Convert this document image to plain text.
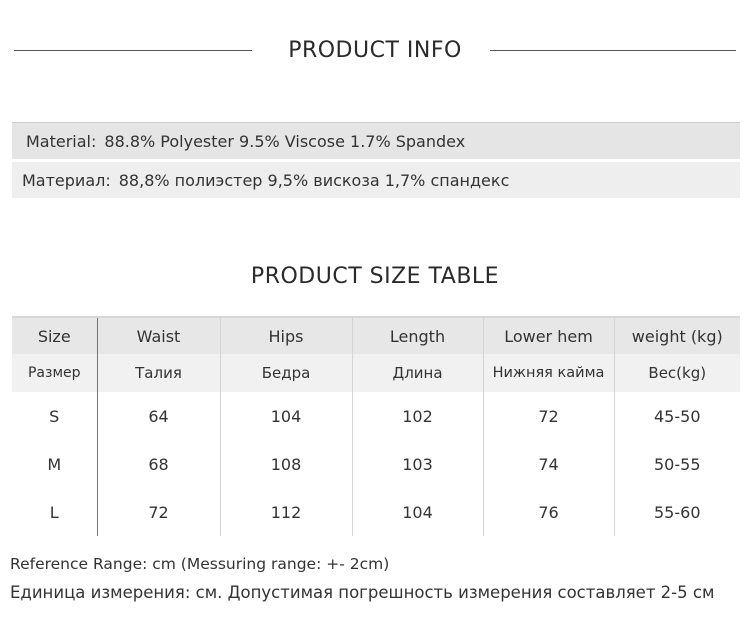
PRODUCT INFO
Material: 88.8% Polyester 9.5% Viscose 1.7% Spandex
Материал: 88,8% полиэстер 9,5% вискоза 1,7% спандекс
PRODUCT SIZE TABLE
Size	Waist	Hips	Length	Lower hem	weight (kg)
Размер	Талия	Бедра	Длина	Нижняя кайма	Вес(kg)
S	64	104	102	72	45-50
M	68	108	103	74	50-55
L	72	112	104	76	55-60
Reference Range: cm (Messuring range: +- 2cm)
Единица измерения: см. Допустимая погрешность измерения составляет 2-5 см
